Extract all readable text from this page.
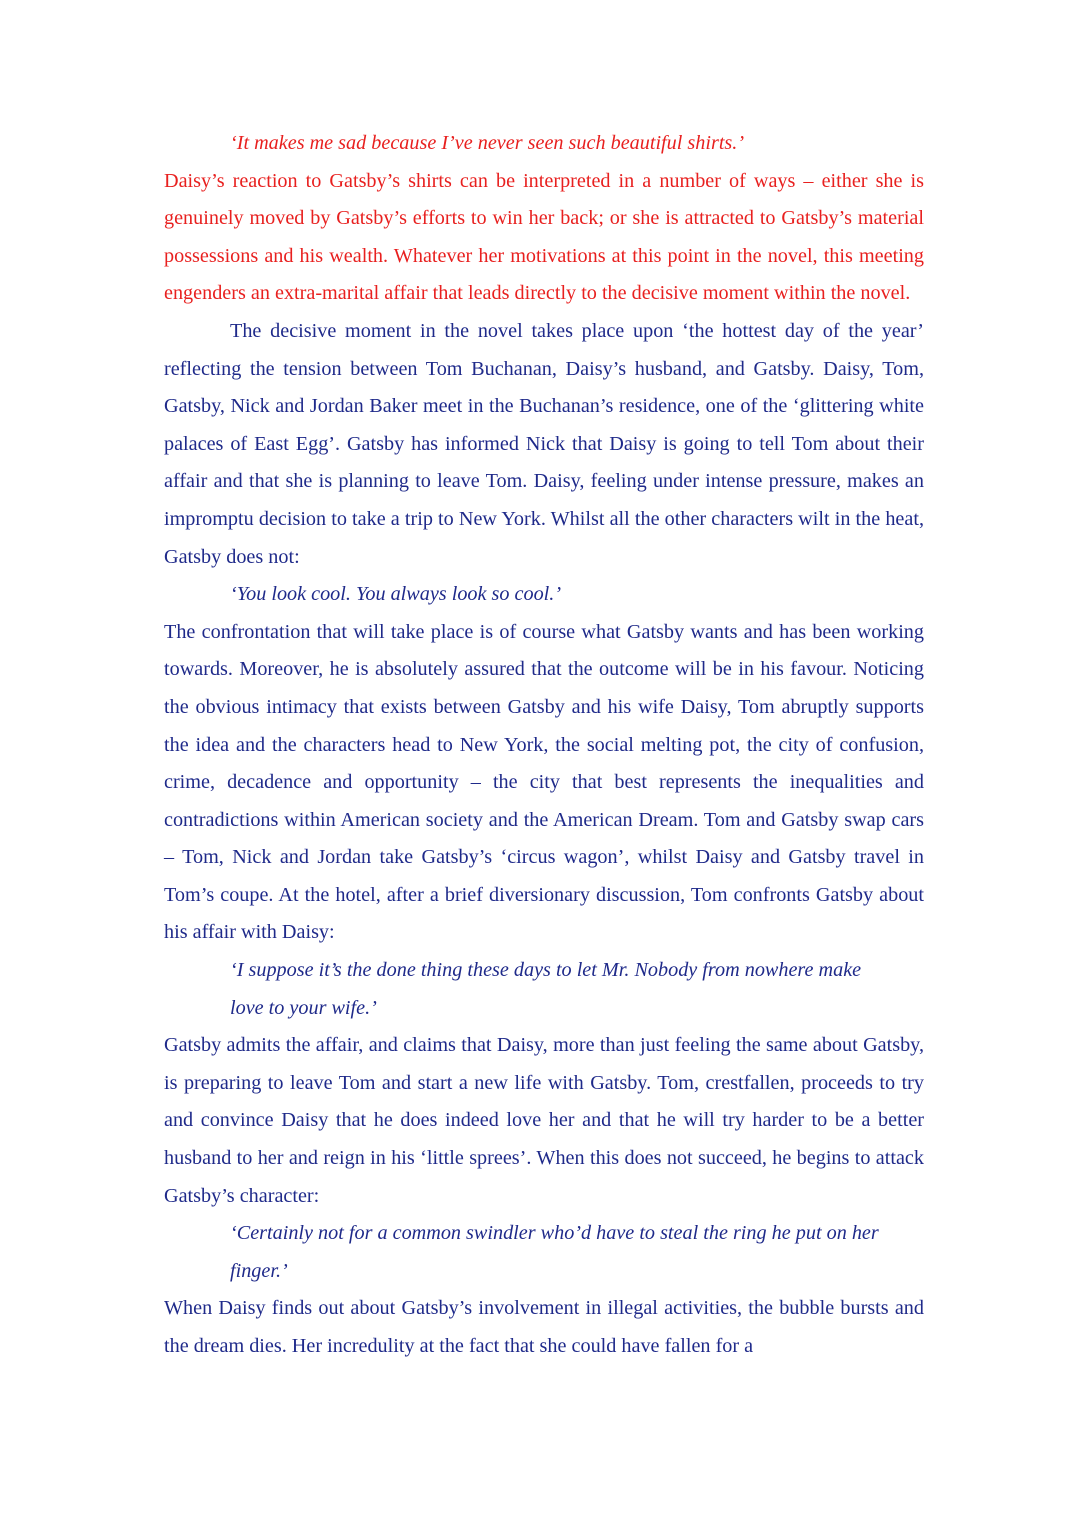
‘It makes me sad because I’ve never seen such beautiful shirts.’

Daisy’s reaction to Gatsby’s shirts can be interpreted in a number of ways – either she is genuinely moved by Gatsby’s efforts to win her back; or she is attracted to Gatsby’s material possessions and his wealth. Whatever her motivations at this point in the novel, this meeting engenders an extra-marital affair that leads directly to the decisive moment within the novel.

The decisive moment in the novel takes place upon ‘the hottest day of the year’ reflecting the tension between Tom Buchanan, Daisy’s husband, and Gatsby. Daisy, Tom, Gatsby, Nick and Jordan Baker meet in the Buchanan’s residence, one of the ‘glittering white palaces of East Egg’. Gatsby has informed Nick that Daisy is going to tell Tom about their affair and that she is planning to leave Tom. Daisy, feeling under intense pressure, makes an impromptu decision to take a trip to New York. Whilst all the other characters wilt in the heat, Gatsby does not:

‘You look cool. You always look so cool.’

The confrontation that will take place is of course what Gatsby wants and has been working towards. Moreover, he is absolutely assured that the outcome will be in his favour. Noticing the obvious intimacy that exists between Gatsby and his wife Daisy, Tom abruptly supports the idea and the characters head to New York, the social melting pot, the city of confusion, crime, decadence and opportunity – the city that best represents the inequalities and contradictions within American society and the American Dream. Tom and Gatsby swap cars – Tom, Nick and Jordan take Gatsby’s ‘circus wagon’, whilst Daisy and Gatsby travel in Tom’s coupe. At the hotel, after a brief diversionary discussion, Tom confronts Gatsby about his affair with Daisy:

‘I suppose it’s the done thing these days to let Mr. Nobody from nowhere make love to your wife.’

Gatsby admits the affair, and claims that Daisy, more than just feeling the same about Gatsby, is preparing to leave Tom and start a new life with Gatsby. Tom, crestfallen, proceeds to try and convince Daisy that he does indeed love her and that he will try harder to be a better husband to her and reign in his ‘little sprees’. When this does not succeed, he begins to attack Gatsby’s character:

‘Certainly not for a common swindler who’d have to steal the ring he put on her finger.’

When Daisy finds out about Gatsby’s involvement in illegal activities, the bubble bursts and the dream dies. Her incredulity at the fact that she could have fallen for a
